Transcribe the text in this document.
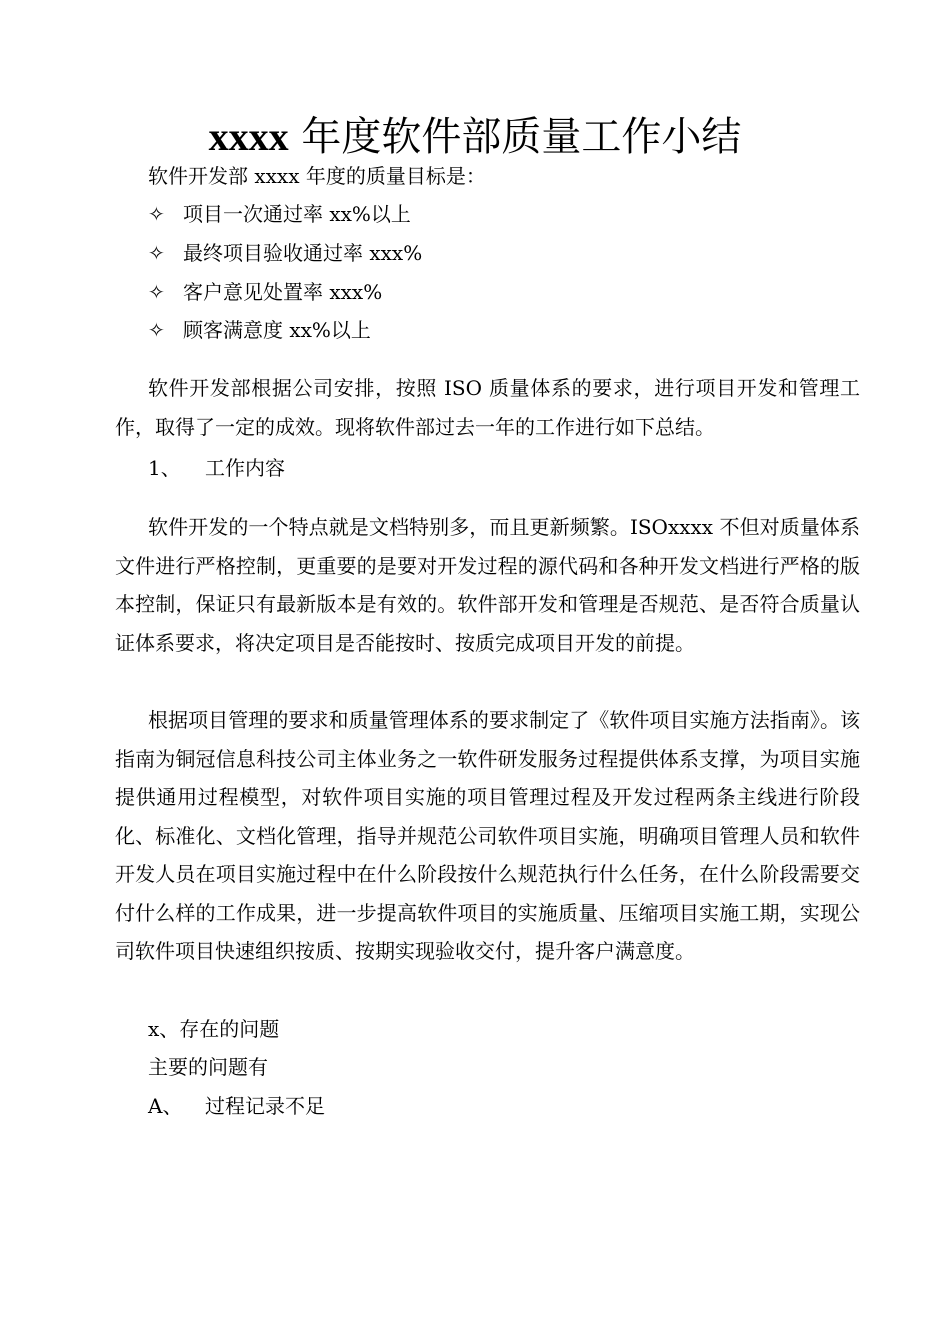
xxxx 年度软件部质量工作小结
软件开发部 xxxx 年度的质量目标是：
✧ 项目一次通过率 xx%以上
✧ 最终项目验收通过率 xxx%
✧ 客户意见处置率 xxx%
✧ 顾客满意度 xx%以上

软件开发部根据公司安排，按照 ISO 质量体系的要求，进行项目开发和管理工作，取得了一定的成效。现将软件部过去一年的工作进行如下总结。

1、 工作内容

软件开发的一个特点就是文档特别多，而且更新频繁。ISOxxxx 不但对质量体系文件进行严格控制，更重要的是要对开发过程的源代码和各种开发文档进行严格的版本控制，保证只有最新版本是有效的。软件部开发和管理是否规范、是否符合质量认证体系要求，将决定项目是否能按时、按质完成项目开发的前提。

根据项目管理的要求和质量管理体系的要求制定了《软件项目实施方法指南》。该指南为铜冠信息科技公司主体业务之一软件研发服务过程提供体系支撑，为项目实施提供通用过程模型，对软件项目实施的项目管理过程及开发过程两条主线进行阶段化、标准化、文档化管理，指导并规范公司软件项目实施，明确项目管理人员和软件开发人员在项目实施过程中在什么阶段按什么规范执行什么任务，在什么阶段需要交付什么样的工作成果，进一步提高软件项目的实施质量、压缩项目实施工期，实现公司软件项目快速组织按质、按期实现验收交付，提升客户满意度。

x、存在的问题
主要的问题有
A、 过程记录不足
